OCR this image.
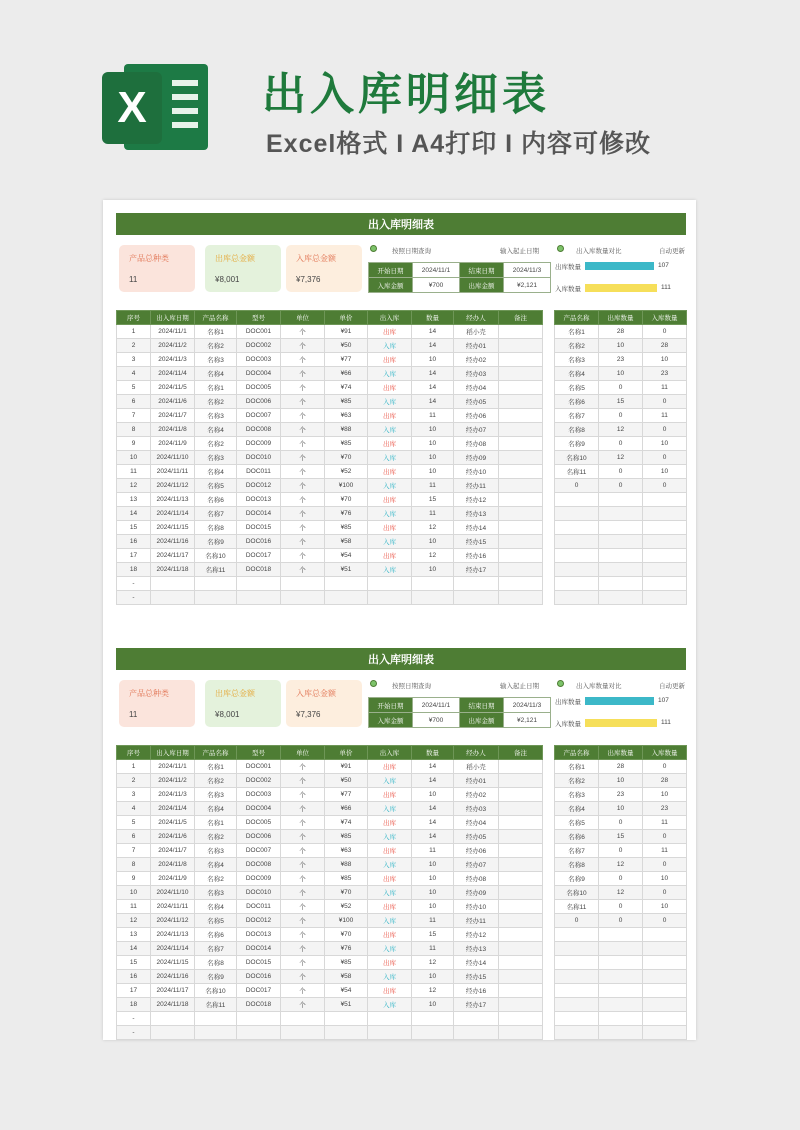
X	出入库明细表
Excel格式 I A4打印 I 内容可修改
出入库明细表
产品总种类
11
出库总金额
¥8,001
入库总金额
¥7,376
按照日期查询	输入起止日期
开始日期	2024/11/1	结束日期	2024/11/3
入库金额	¥700	出库金额	¥2,121
出入库数量对比	自动更新
出库数量	107
入库数量	111
序号	出入库日期	产品名称	型号	单位	单价	出入库	数量	经办人	备注
1	2024/11/1	名称1	DOC001	个	¥91	出库	14	稻小壳	
2	2024/11/2	名称2	DOC002	个	¥50	入库	14	经办01	
3	2024/11/3	名称3	DOC003	个	¥77	出库	10	经办02	
4	2024/11/4	名称4	DOC004	个	¥66	入库	14	经办03	
5	2024/11/5	名称1	DOC005	个	¥74	出库	14	经办04	
6	2024/11/6	名称2	DOC006	个	¥85	入库	14	经办05	
7	2024/11/7	名称3	DOC007	个	¥63	出库	11	经办06	
8	2024/11/8	名称4	DOC008	个	¥88	入库	10	经办07	
9	2024/11/9	名称2	DOC009	个	¥85	出库	10	经办08	
10	2024/11/10	名称3	DOC010	个	¥70	入库	10	经办09	
11	2024/11/11	名称4	DOC011	个	¥52	出库	10	经办10	
12	2024/11/12	名称5	DOC012	个	¥100	入库	11	经办11	
13	2024/11/13	名称6	DOC013	个	¥70	出库	15	经办12	
14	2024/11/14	名称7	DOC014	个	¥76	入库	11	经办13	
15	2024/11/15	名称8	DOC015	个	¥85	出库	12	经办14	
16	2024/11/16	名称9	DOC016	个	¥58	入库	10	经办15	
17	2024/11/17	名称10	DOC017	个	¥54	出库	12	经办16	
18	2024/11/18	名称11	DOC018	个	¥51	入库	10	经办17	
-									
-									
产品名称	出库数量	入库数量
名称1	28	0
名称2	10	28
名称3	23	10
名称4	10	23
名称5	0	11
名称6	15	0
名称7	0	11
名称8	12	0
名称9	0	10
名称10	12	0
名称11	0	10
0	0	0

出入库明细表
产品总种类
11
出库总金额
¥8,001
入库总金额
¥7,376
按照日期查询	输入起止日期
开始日期	2024/11/1	结束日期	2024/11/3
入库金额	¥700	出库金额	¥2,121
出入库数量对比	自动更新
出库数量	107
入库数量	111
序号	出入库日期	产品名称	型号	单位	单价	出入库	数量	经办人	备注
1	2024/11/1	名称1	DOC001	个	¥91	出库	14	稻小壳	
2	2024/11/2	名称2	DOC002	个	¥50	入库	14	经办01	
3	2024/11/3	名称3	DOC003	个	¥77	出库	10	经办02	
4	2024/11/4	名称4	DOC004	个	¥66	入库	14	经办03	
5	2024/11/5	名称1	DOC005	个	¥74	出库	14	经办04	
6	2024/11/6	名称2	DOC006	个	¥85	入库	14	经办05	
7	2024/11/7	名称3	DOC007	个	¥63	出库	11	经办06	
8	2024/11/8	名称4	DOC008	个	¥88	入库	10	经办07	
9	2024/11/9	名称2	DOC009	个	¥85	出库	10	经办08	
10	2024/11/10	名称3	DOC010	个	¥70	入库	10	经办09	
11	2024/11/11	名称4	DOC011	个	¥52	出库	10	经办10	
12	2024/11/12	名称5	DOC012	个	¥100	入库	11	经办11	
13	2024/11/13	名称6	DOC013	个	¥70	出库	15	经办12	
14	2024/11/14	名称7	DOC014	个	¥76	入库	11	经办13	
15	2024/11/15	名称8	DOC015	个	¥85	出库	12	经办14	
16	2024/11/16	名称9	DOC016	个	¥58	入库	10	经办15	
17	2024/11/17	名称10	DOC017	个	¥54	出库	12	经办16	
18	2024/11/18	名称11	DOC018	个	¥51	入库	10	经办17	
-									
-									
产品名称	出库数量	入库数量
名称1	28	0
名称2	10	28
名称3	23	10
名称4	10	23
名称5	0	11
名称6	15	0
名称7	0	11
名称8	12	0
名称9	0	10
名称10	12	0
名称11	0	10
0	0	0
